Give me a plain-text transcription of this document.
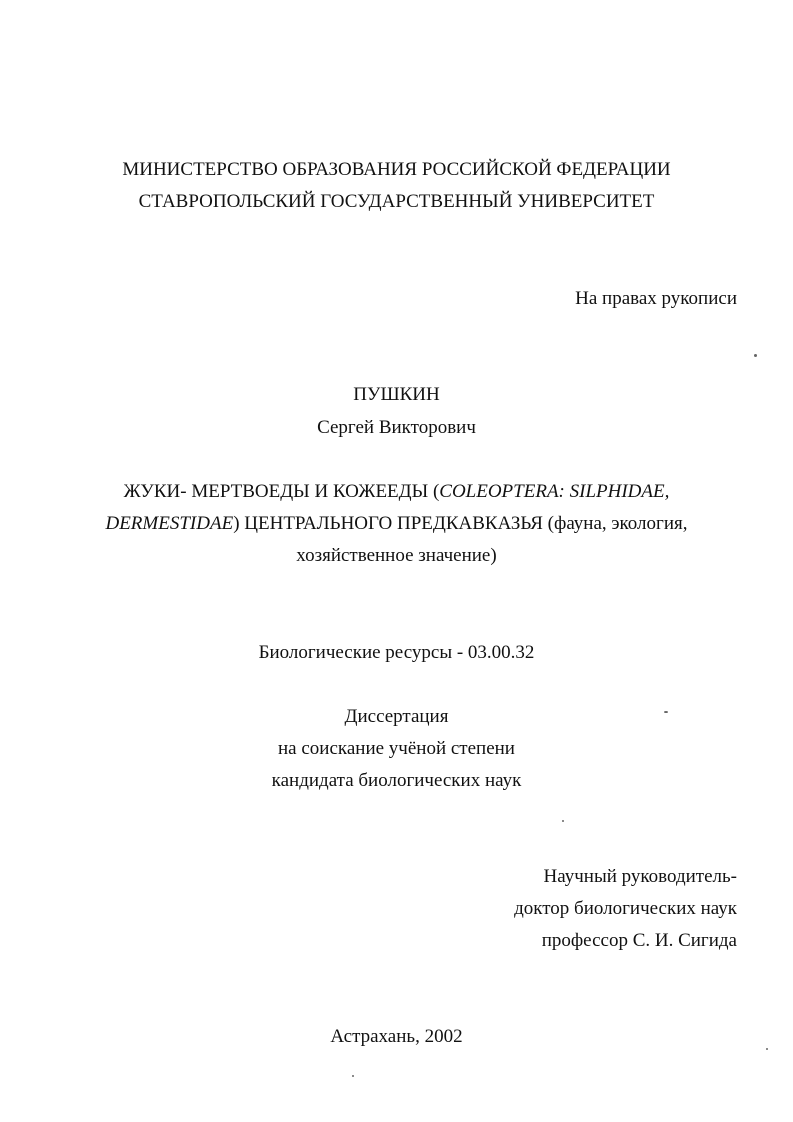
МИНИСТЕРСТВО ОБРАЗОВАНИЯ РОССИЙСКОЙ ФЕДЕРАЦИИ
СТАВРОПОЛЬСКИЙ ГОСУДАРСТВЕННЫЙ УНИВЕРСИТЕТ
На правах рукописи
ПУШКИН
Сергей Викторович
ЖУКИ- МЕРТВОЕДЫ И КОЖЕЕДЫ (COLEOPTERA: SILPHIDAE,
DERMESTIDAE) ЦЕНТРАЛЬНОГО ПРЕДКАВКАЗЬЯ (фауна, экология,
хозяйственное значение)
Биологические ресурсы - 03.00.32
Диссертация
на соискание учёной степени
кандидата биологических наук
Научный руководитель-
доктор биологических наук
профессор С. И. Сигида
Астрахань, 2002
